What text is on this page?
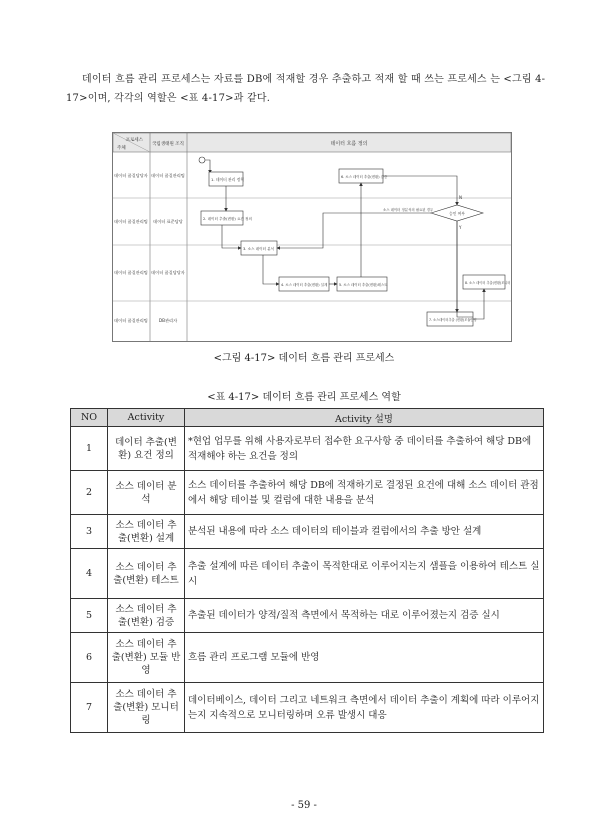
데이터 흐름 관리 프로세스는 자료를 DB에 적재할 경우 추출하고 적재 할 때 쓰는 프로세스 는 <그림 4-17>이며, 각각의 역할은 <표 4-17>과 같다.
프로세스
주체
국립생태원 조직	데이터 흐름 정의
데이터 품질담당자 데이터 품질관리팀
데이터 품질관리팀 데이터 표준담당
데이터 품질관리팀 데이터 품질담당자
데이터 품질관리팀	DB관리자
1. 데이터 관리 정책
2. 데이터 추출(변환) 요건 정의
3. 소스 데이터 분석
4. 소스 데이터 추출(변환) 설계	5. 소스 데이터 추출(변환)테스트
6. 소스 데이터 추출(변환) 검증
8. 소스 데이터 추출(변환)모니터
7. 소스데이터추출 (변환)모듈반영
승인 여부
N
Y
소스 데이터 정분석의 필요된 경우
<그림 4-17> 데이터 흐름 관리 프로세스
<표 4-17> 데이터 흐름 관리 프로세스 역할
NO	Activity	Activity 설명
1	데이터 추출(변환) 요건 정의	*현업 업무를 위해 사용자로부터 접수한 요구사항 중 데이터를 추출하여 해당 DB에 적재해야 하는 요건을 정의
2	소스 데이터 분석	소스 데이터를 추출하여 해당 DB에 적재하기로 결정된 요건에 대해 소스 데이터 관점에서 해당 테이블 및 컬럼에 대한 내용을 분석
3	소스 데이터 추출(변환) 설계	분석된 내용에 따라 소스 데이터의 테이블과 컬럼에서의 추출 방안 설계
4	소스 데이터 추출(변환) 테스트	추출 설계에 따른 데이터 추출이 목적한대로 이루어지는지 샘플을 이용하여 테스트 실시
5	소스 데이터 추출(변환) 검증	추출된 데이터가 양적/질적 측면에서 목적하는 대로 이루어졌는지 검증 실시
6	소스 데이터 추출(변환) 모듈 반영	흐름 관리 프로그램 모듈에 반영
7	소스 데이터 추출(변환) 모니터링	데이터베이스, 데이터 그리고 네트워크 측면에서 데이터 추출이 계획에 따라 이루어지는지 지속적으로 모니터링하며 오류 발생시 대응
- 59 -
